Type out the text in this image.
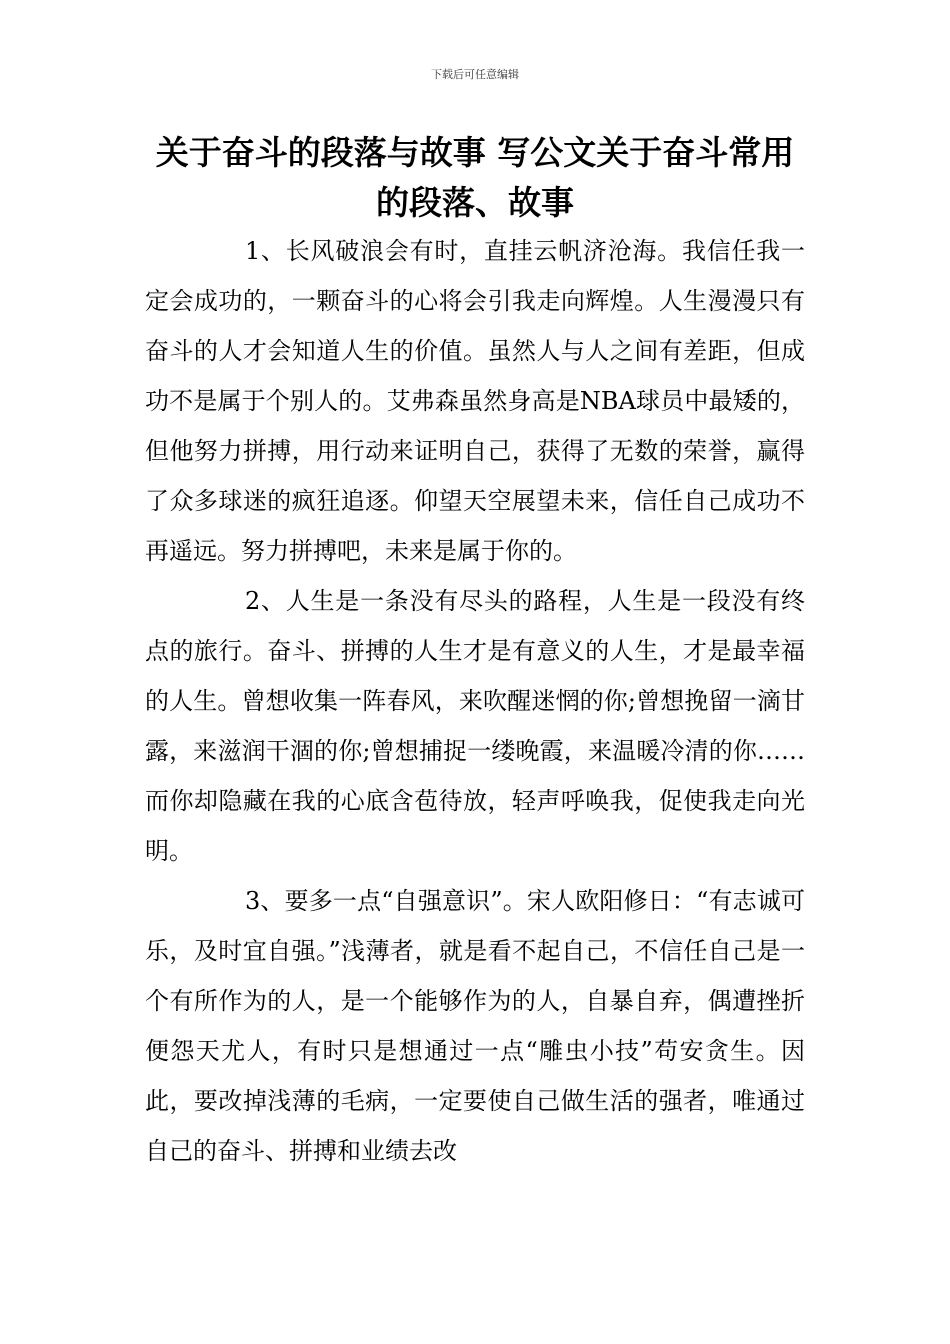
下载后可任意编辑
关于奋斗的段落与故事 写公文关于奋斗常用的段落、故事

1、长风破浪会有时，直挂云帆济沧海。我信任我一定会成功的，一颗奋斗的心将会引我走向辉煌。人生漫漫只有奋斗的人才会知道人生的价值。虽然人与人之间有差距，但成功不是属于个别人的。艾弗森虽然身高是NBA球员中最矮的，但他努力拼搏，用行动来证明自己，获得了无数的荣誉，赢得了众多球迷的疯狂追逐。仰望天空展望未来，信任自己成功不再遥远。努力拼搏吧，未来是属于你的。

2、人生是一条没有尽头的路程，人生是一段没有终点的旅行。奋斗、拼搏的人生才是有意义的人生，才是最幸福的人生。曾想收集一阵春风，来吹醒迷惘的你;曾想挽留一滴甘露，来滋润干涸的你;曾想捕捉一缕晚霞，来温暖冷清的你……而你却隐藏在我的心底含苞待放，轻声呼唤我，促使我走向光明。

3、要多一点“自强意识”。宋人欧阳修日：“有志诚可乐，及时宜自强。”浅薄者，就是看不起自己，不信任自己是一个有所作为的人，是一个能够作为的人，自暴自弃，偶遭挫折便怨天尤人，有时只是想通过一点“雕虫小技”苟安贪生。因此，要改掉浅薄的毛病，一定要使自己做生活的强者，唯通过自己的奋斗、拼搏和业绩去改
